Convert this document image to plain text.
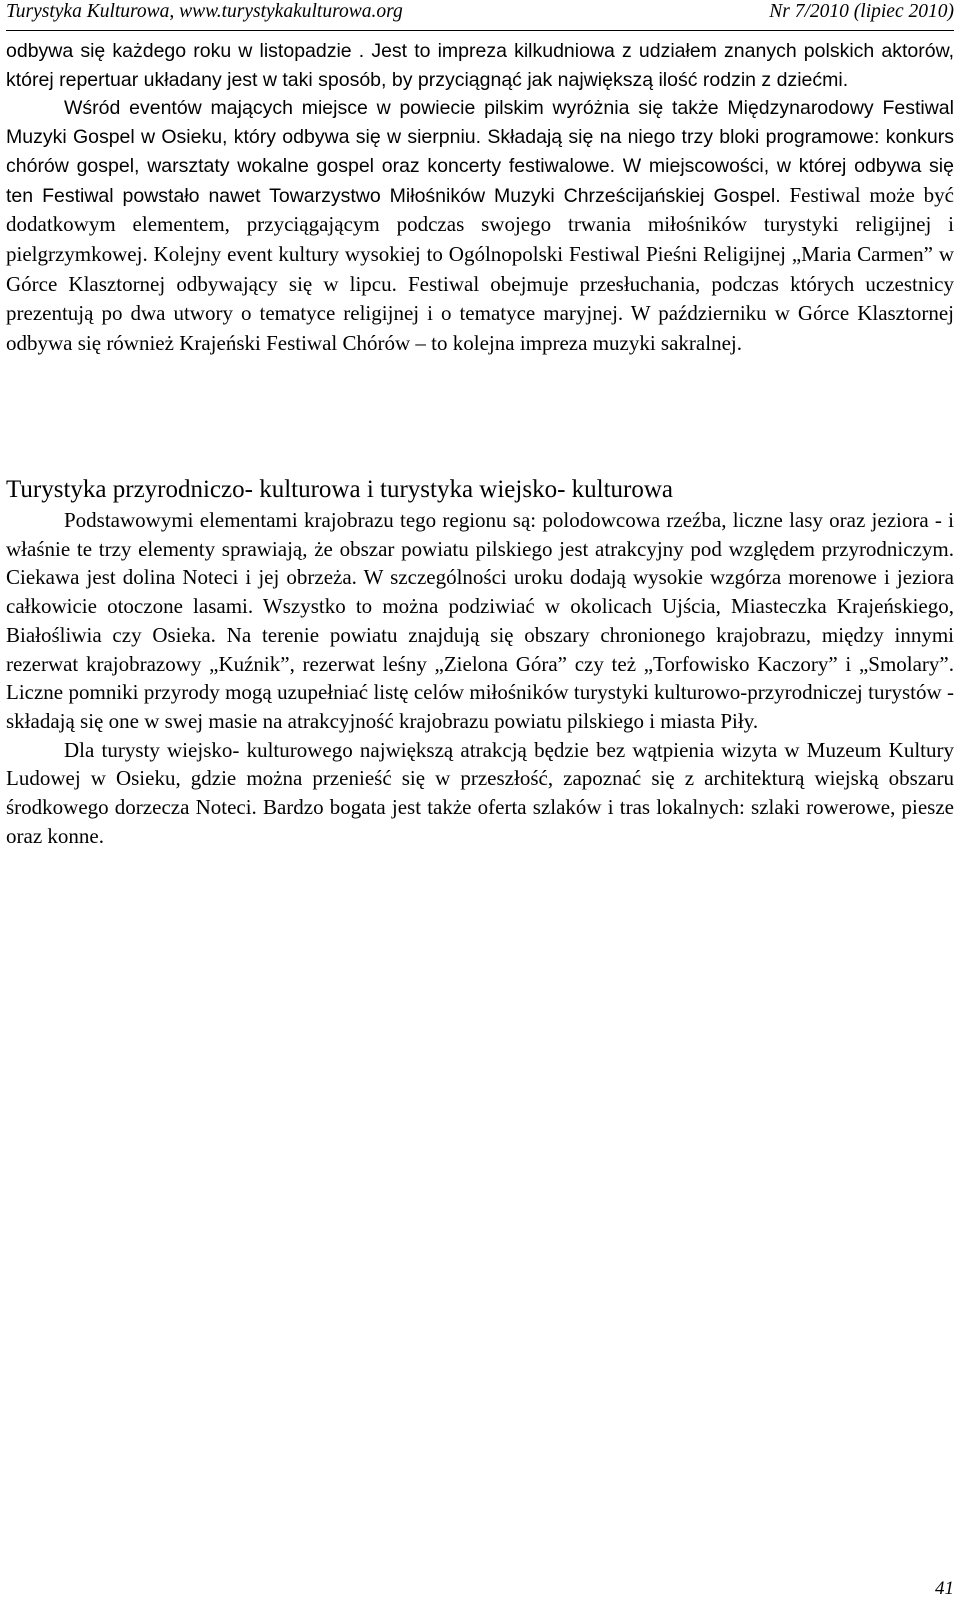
Turystyka Kulturowa, www.turystykakulturowa.org	Nr 7/2010 (lipiec 2010)

odbywa się każdego roku w listopadzie . Jest to impreza kilkudniowa z udziałem znanych polskich aktorów, której repertuar układany jest w taki sposób, by przyciągnąć jak największą ilość rodzin z dziećmi.

Wśród eventów mających miejsce w powiecie pilskim wyróżnia się także Międzynarodowy Festiwal Muzyki Gospel w Osieku, który odbywa się w sierpniu. Składają się na niego trzy bloki programowe: konkurs chórów gospel, warsztaty wokalne gospel oraz koncerty festiwalowe. W miejscowości, w której odbywa się ten Festiwal powstało nawet Towarzystwo Miłośników Muzyki Chrześcijańskiej Gospel. Festiwal może być dodatkowym elementem, przyciągającym podczas swojego trwania miłośników turystyki religijnej i pielgrzymkowej. Kolejny event kultury wysokiej to Ogólnopolski Festiwal Pieśni Religijnej „Maria Carmen” w Górce Klasztornej odbywający się w lipcu. Festiwal obejmuje przesłuchania, podczas których uczestnicy prezentują po dwa utwory o tematyce religijnej i o tematyce maryjnej. W październiku w Górce Klasztornej odbywa się również Krajeński Festiwal Chórów – to kolejna impreza muzyki sakralnej.

Turystyka przyrodniczo- kulturowa i turystyka wiejsko- kulturowa

Podstawowymi elementami krajobrazu tego regionu są: polodowcowa rzeźba, liczne lasy oraz jeziora - i właśnie te trzy elementy sprawiają, że obszar powiatu pilskiego jest atrakcyjny pod względem przyrodniczym. Ciekawa jest dolina Noteci i jej obrzeża. W szczególności uroku dodają wysokie wzgórza morenowe i jeziora całkowicie otoczone lasami. Wszystko to można podziwiać w okolicach Ujścia, Miasteczka Krajeńskiego, Białośliwia czy Osieka. Na terenie powiatu znajdują się obszary chronionego krajobrazu, między innymi rezerwat krajobrazowy „Kuźnik”, rezerwat leśny „Zielona Góra” czy też „Torfowisko Kaczory” i „Smolary”. Liczne pomniki przyrody mogą uzupełniać listę celów miłośników turystyki kulturowo-przyrodniczej turystów - składają się one w swej masie na atrakcyjność krajobrazu powiatu pilskiego i miasta Piły.

Dla turysty wiejsko- kulturowego największą atrakcją będzie bez wątpienia wizyta w Muzeum Kultury Ludowej w Osieku, gdzie można przenieść się w przeszłość, zapoznać się z architekturą wiejską obszaru środkowego dorzecza Noteci. Bardzo bogata jest także oferta szlaków i tras lokalnych: szlaki rowerowe, piesze oraz konne.

41
